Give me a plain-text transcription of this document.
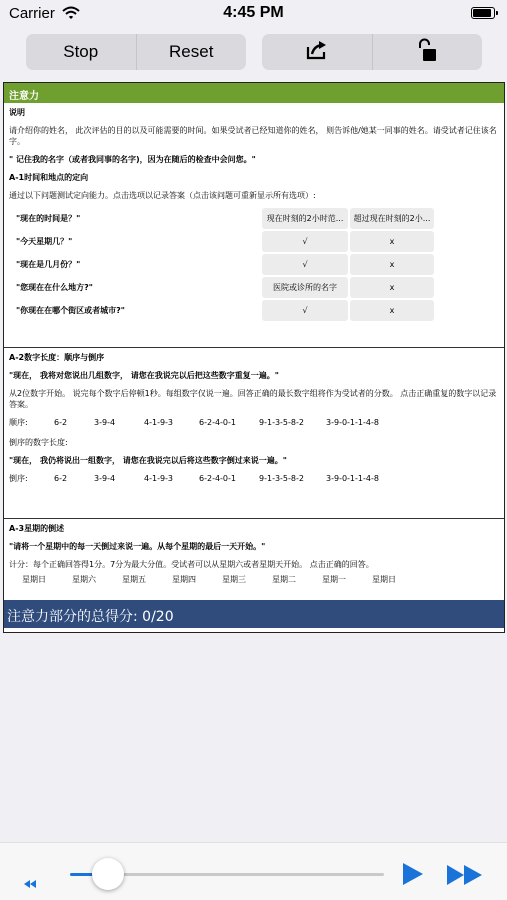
Carrier	4:45 PM
Stop	Reset
注意力

说明

请介绍你的姓名， 此次评估的目的以及可能需要的时间。如果受试者已经知道你的姓名， 则告诉他/她某一同事的姓名。请受试者记住该名字。

" 记住我的名字（或者我同事的名字)，因为在随后的检查中会问您。"

A-1时间和地点的定向

通过以下问题测试定向能力。点击选项以记录答案（点击该问题可重新显示所有选项）:

"现在的时间是？"	现在时刻的2小时范...	超过现在时刻的2小...
"今天星期几？"	√	x
"现在是几月份？"	√	x
"您现在在什么地方?"	医院或诊所的名字	x
"你现在在哪个街区或者城市?"	√	x

A-2数字长度：顺序与倒序

"现在， 我将对您说出几组数字， 请您在我说完以后把这些数字重复一遍。"

从2位数字开始。 说完每个数字后停顿1秒。每组数字仅说一遍。回答正确的最长数字组将作为受试者的分数。 点击正确重复的数字以记录答案。

顺序:	6-2	3-9-4	4-1-9-3	6-2-4-0-1	9-1-3-5-8-2	3-9-0-1-1-4-8

倒序的数字长度:

"现在， 我仍将说出一组数字， 请您在我说完以后将这些数字倒过来说一遍。"

倒序:	6-2	3-9-4	4-1-9-3	6-2-4-0-1	9-1-3-5-8-2	3-9-0-1-1-4-8

A-3星期的倒述

"请将一个星期中的每一天倒过来说一遍。从每个星期的最后一天开始。"

计分：每个正确回答得1分。7分为最大分值。受试者可以从星期六或者星期天开始。 点击正确的回答。

星期日	星期六	星期五	星期四	星期三	星期二	星期一	星期日
注意力部分的总得分: 0/20
